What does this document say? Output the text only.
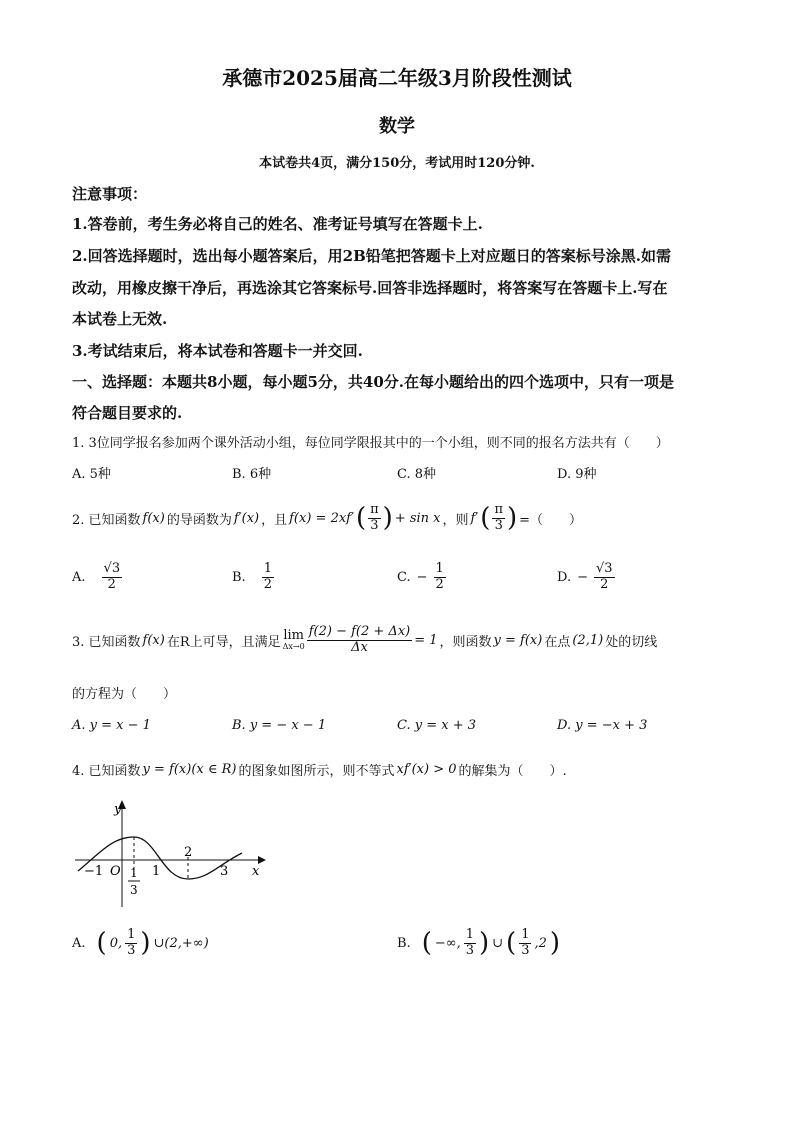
承德市2025届高二年级3月阶段性测试
数学
本试卷共4页，满分150分，考试用时120分钟.
注意事项：
1.答卷前，考生务必将自己的姓名、准考证号填写在答题卡上.
2.回答选择题时，选出每小题答案后，用2B铅笔把答题卡上对应题日的答案标号涂黑.如需
改动，用橡皮擦干净后，再选涂其它答案标号.回答非选择题时，将答案写在答题卡上.写在
本试卷上无效.
3.考试结束后，将本试卷和答题卡一并交回.
一、选择题：本题共8小题，每小题5分，共40分.在每小题给出的四个选项中，只有一项是
符合题目要求的.
1. 3位同学报名参加两个课外活动小组，每位同学限报其中的一个小组，则不同的报名方法共有（　　）
A. 5种	B. 6种	C. 8种	D. 9种
2. 已知函数 f(x) 的导函数为 f′(x) ，且 f(x) = 2xf′ ( $\frac{\pi}{3}$ ) + sin x ，则 f′ ( $\frac{\pi}{3}$ ) =（　　）
A. $\frac{√3}{2}$	B. $\frac{1}{2}$	C. − $\frac{1}{2}$	D. − $\frac{√3}{2}$
3. 已知函数 f(x) 在R上可导，且满足 lim
$\Delta x\to 0 \frac{f(2) - f(2 + \Delta x)}{\Delta x} = 1$ ，则函数 y = f(x) 在点 (2,1) 处的切线
的方程为（　　）
A. y = x − 1	B. y = − x − 1	C. y = x + 3	D. y = −x + 3
4. 已知函数 y = f(x)(x ∈ R) 的图象如图所示，则不等式 xf′(x) > 0 的解集为（　　）.
y
x
O
−1	1	3
2
1
3
A. ( 0, $\frac{1}{3}$ ) ∪(2,+∞)	B. ( −∞, $\frac{1}{3}$ ) ∪ ( $\frac{1}{3} ,2$ )
